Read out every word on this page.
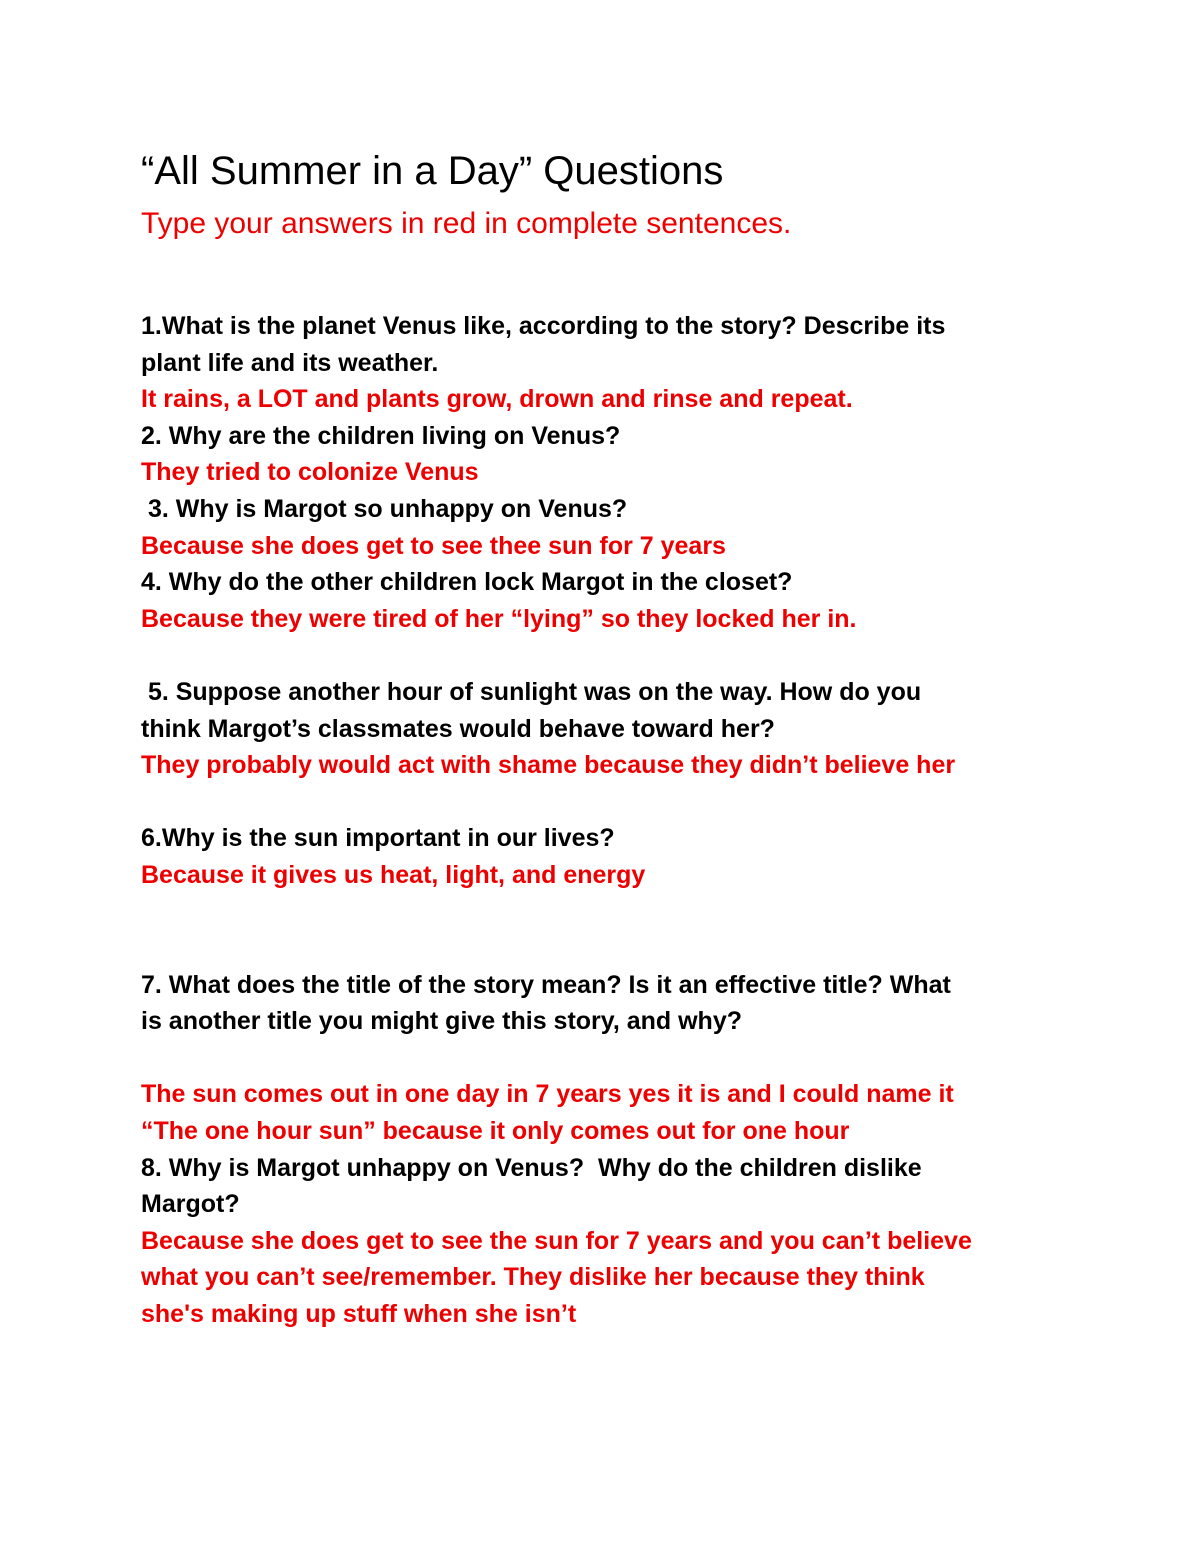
“All Summer in a Day” Questions
Type your answers in red in complete sentences.
1.What is the planet Venus like, according to the story? Describe its
plant life and its weather.
It rains, a LOT and plants grow, drown and rinse and repeat.
2. Why are the children living on Venus?
They tried to colonize Venus
3. Why is Margot so unhappy on Venus?
Because she does get to see thee sun for 7 years
4. Why do the other children lock Margot in the closet?
Because they were tired of her “lying” so they locked her in.
5. Suppose another hour of sunlight was on the way. How do you
think Margot’s classmates would behave toward her?
They probably would act with shame because they didn’t believe her
6.Why is the sun important in our lives?
Because it gives us heat, light, and energy
7. What does the title of the story mean? Is it an effective title? What
is another title you might give this story, and why?
The sun comes out in one day in 7 years yes it is and I could name it
“The one hour sun” because it only comes out for one hour
8. Why is Margot unhappy on Venus?  Why do the children dislike
Margot?
Because she does get to see the sun for 7 years and you can’t believe
what you can’t see/remember. They dislike her because they think
she's making up stuff when she isn’t
